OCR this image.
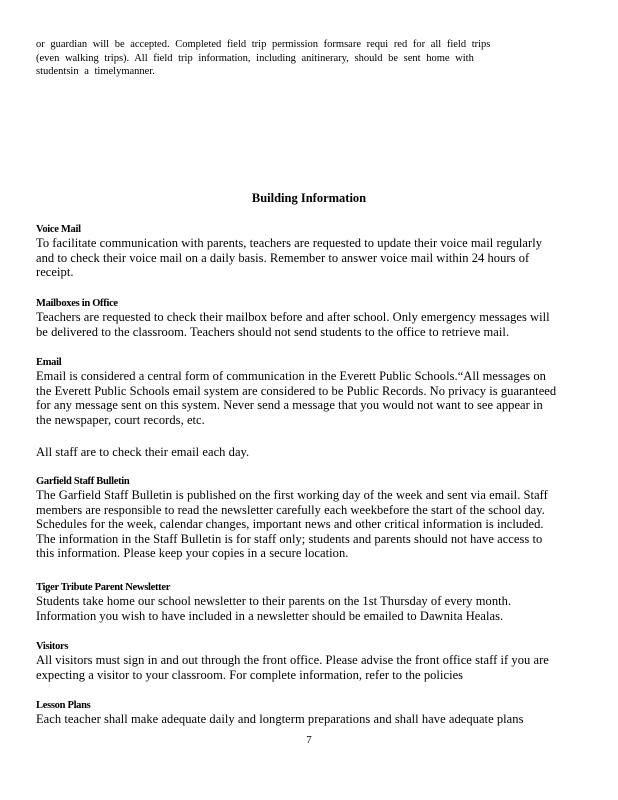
or guardian will be accepted. Completed field trip permission formsare requi red for all field trips
(even walking trips). All field trip information, including anitinerary, should be sent home with
studentsin a timelymanner.
Building Information
Voice Mail
To facilitate communication with parents, teachers are requested to update their voice mail regularly
and to check their voice mail on a daily basis. Remember to answer voice mail within 24 hours of
receipt.
Mailboxes in Office
Teachers are requested to check their mailbox before and after school. Only emergency messages will
be delivered to the classroom. Teachers should not send students to the office to retrieve mail.
Email
Email is considered a central form of communication in the Everett Public Schools.“All messages on
the Everett Public Schools email system are considered to be Public Records. No privacy is guaranteed
for any message sent on this system. Never send a message that you would not want to see appear in
the newspaper, court records, etc.
All staff are to check their email each day.
Garfield Staff Bulletin
The Garfield Staff Bulletin is published on the first working day of the week and sent via email. Staff
members are responsible to read the newsletter carefully each weekbefore the start of the school day.
Schedules for the week, calendar changes, important news and other critical information is included.
The information in the Staff Bulletin is for staff only; students and parents should not have access to
this information. Please keep your copies in a secure location.
Tiger Tribute Parent Newsletter
Students take home our school newsletter to their parents on the 1st Thursday of every month.
Information you wish to have included in a newsletter should be emailed to Dawnita Healas.
Visitors
All visitors must sign in and out through the front office. Please advise the front office staff if you are
expecting a visitor to your classroom. For complete information, refer to the policies
Lesson Plans
Each teacher shall make adequate daily and longterm preparations and shall have adequate plans
7
